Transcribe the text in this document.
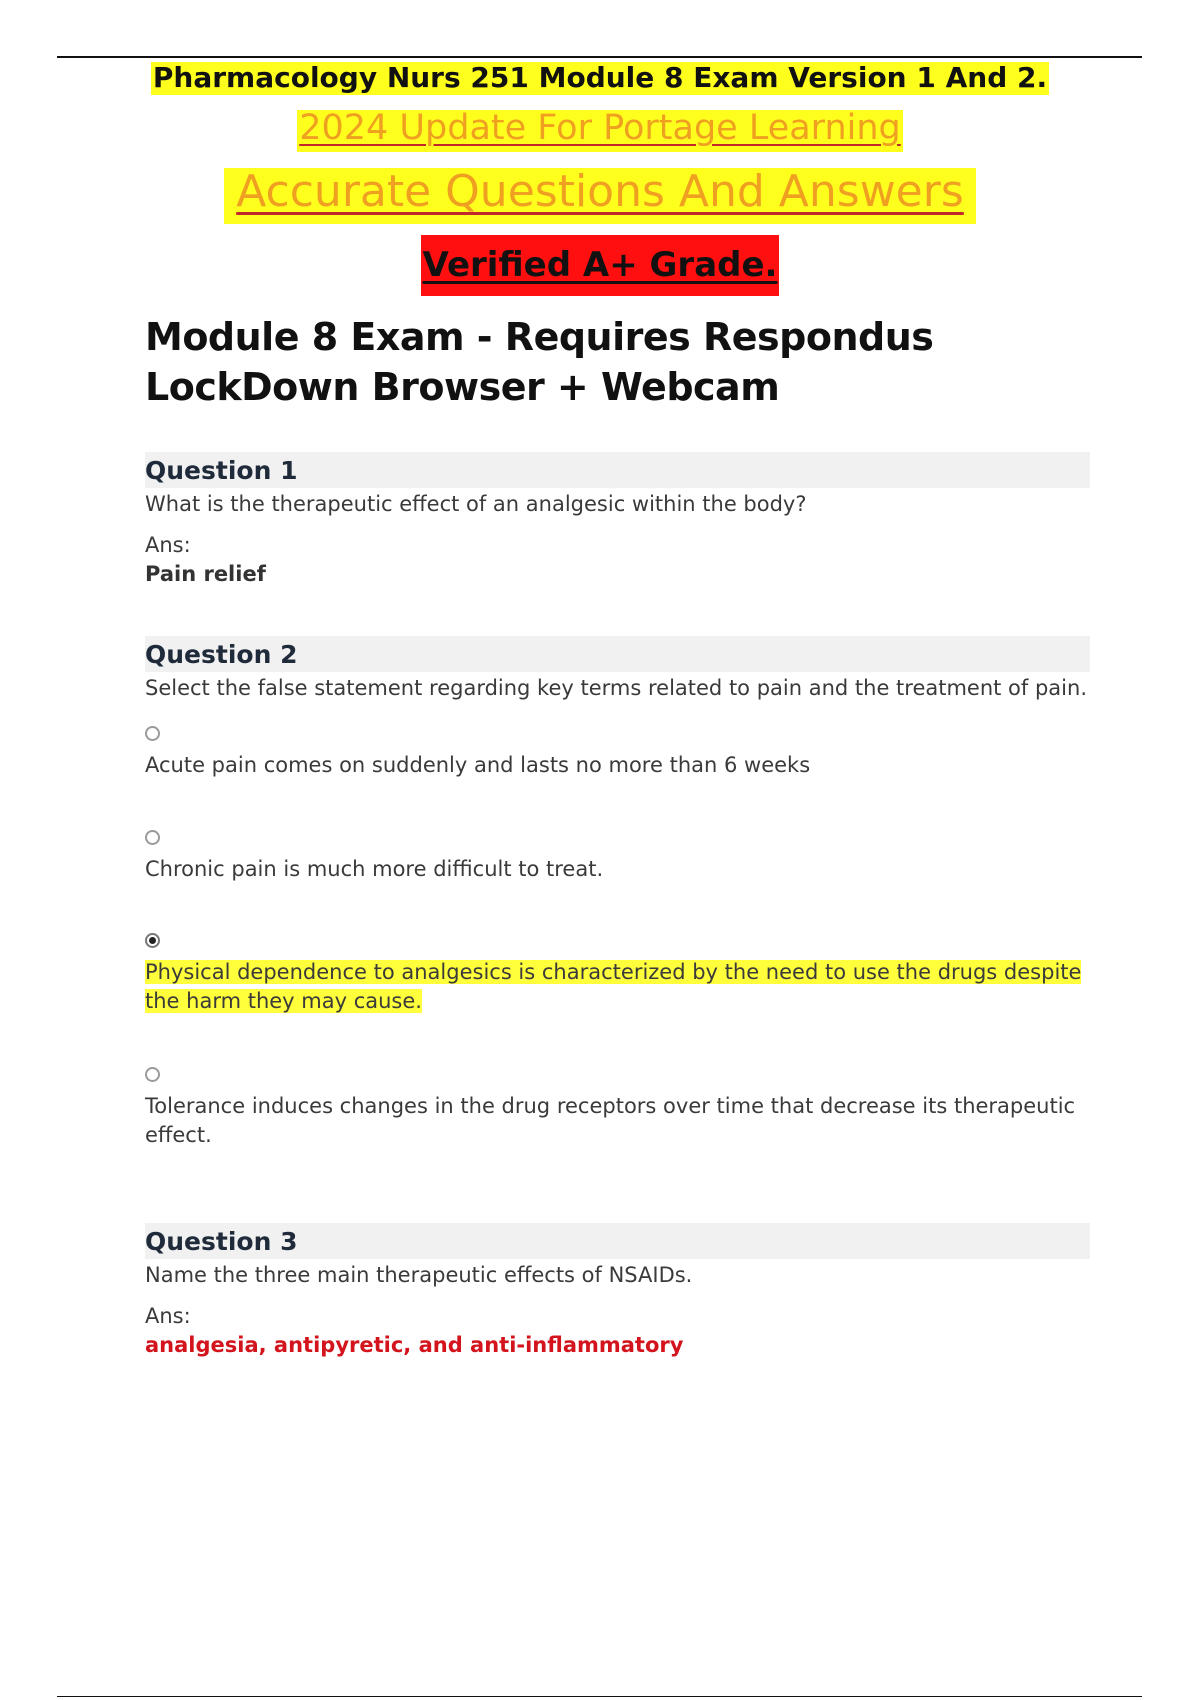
Pharmacology Nurs 251 Module 8 Exam Version 1 And 2.
2024 Update For Portage Learning
Accurate Questions And Answers
Verified A+ Grade.
Module 8 Exam - Requires Respondus LockDown Browser + Webcam
Question 1
What is the therapeutic effect of an analgesic within the body?
Ans:
Pain relief
Question 2
Select the false statement regarding key terms related to pain and the treatment of pain.
Acute pain comes on suddenly and lasts no more than 6 weeks
Chronic pain is much more difficult to treat.
Physical dependence to analgesics is characterized by the need to use the drugs despite the harm they may cause.
Tolerance induces changes in the drug receptors over time that decrease its therapeutic effect.
Question 3
Name the three main therapeutic effects of NSAIDs.
Ans:
analgesia, antipyretic, and anti-inflammatory
